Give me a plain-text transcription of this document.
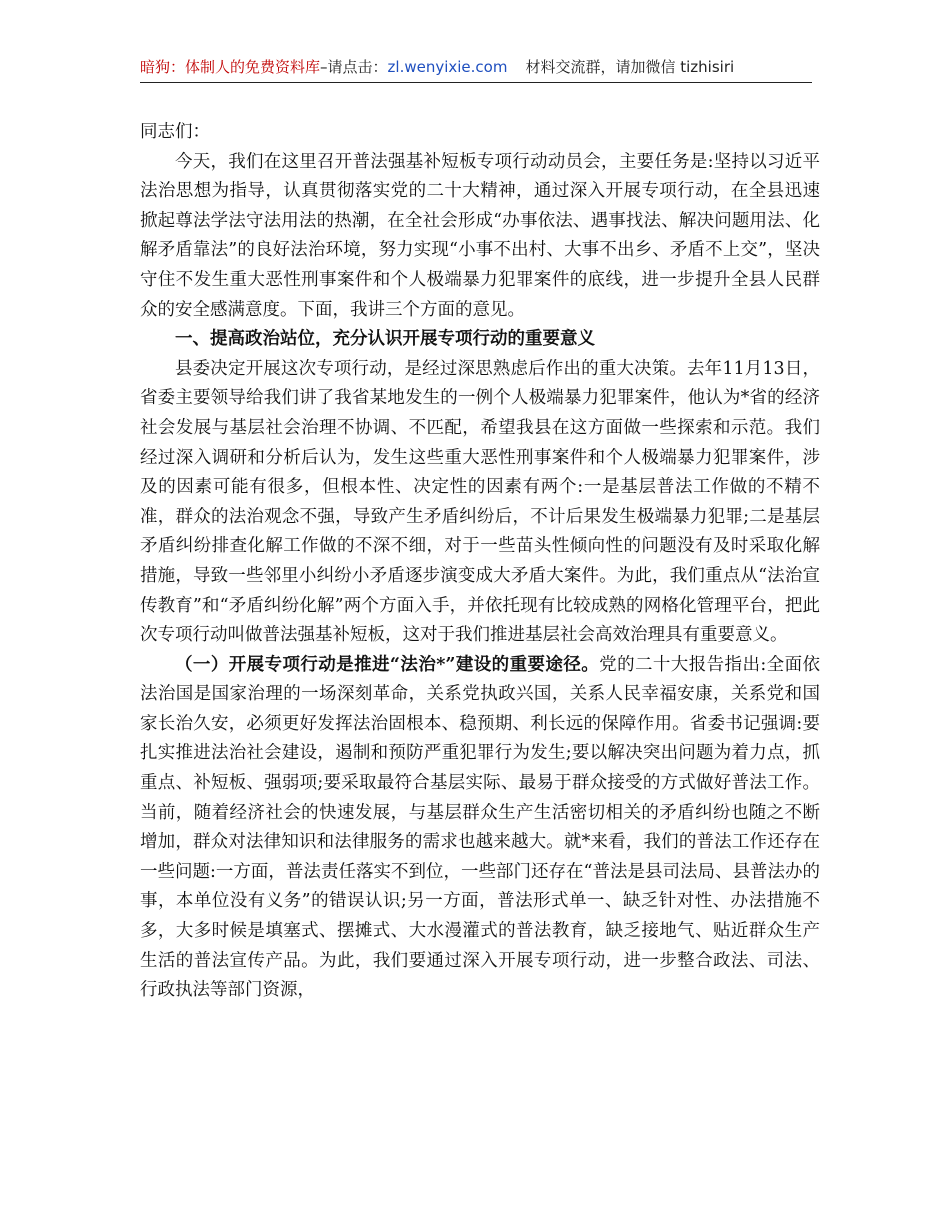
暗狗：体制人的免费资料库–请点击：zl.wenyixie.com 材料交流群，请加微信 tizhisiri

同志们：

今天，我们在这里召开普法强基补短板专项行动动员会，主要任务是:坚持以习近平法治思想为指导，认真贯彻落实党的二十大精神，通过深入开展专项行动，在全县迅速掀起尊法学法守法用法的热潮，在全社会形成“办事依法、遇事找法、解决问题用法、化解矛盾靠法”的良好法治环境，努力实现“小事不出村、大事不出乡、矛盾不上交”，坚决守住不发生重大恶性刑事案件和个人极端暴力犯罪案件的底线，进一步提升全县人民群众的安全感满意度。下面，我讲三个方面的意见。

一、提高政治站位，充分认识开展专项行动的重要意义

县委决定开展这次专项行动，是经过深思熟虑后作出的重大决策。去年11月13日，省委主要领导给我们讲了我省某地发生的一例个人极端暴力犯罪案件，他认为*省的经济社会发展与基层社会治理不协调、不匹配，希望我县在这方面做一些探索和示范。我们经过深入调研和分析后认为，发生这些重大恶性刑事案件和个人极端暴力犯罪案件，涉及的因素可能有很多，但根本性、决定性的因素有两个:一是基层普法工作做的不精不准，群众的法治观念不强，导致产生矛盾纠纷后，不计后果发生极端暴力犯罪;二是基层矛盾纠纷排查化解工作做的不深不细，对于一些苗头性倾向性的问题没有及时采取化解措施，导致一些邻里小纠纷小矛盾逐步演变成大矛盾大案件。为此，我们重点从“法治宣传教育”和“矛盾纠纷化解”两个方面入手，并依托现有比较成熟的网格化管理平台，把此次专项行动叫做普法强基补短板，这对于我们推进基层社会高效治理具有重要意义。

（一）开展专项行动是推进“法治*”建设的重要途径。党的二十大报告指出:全面依法治国是国家治理的一场深刻革命，关系党执政兴国，关系人民幸福安康，关系党和国家长治久安，必须更好发挥法治固根本、稳预期、利长远的保障作用。省委书记强调:要扎实推进法治社会建设，遏制和预防严重犯罪行为发生;要以解决突出问题为着力点，抓重点、补短板、强弱项;要采取最符合基层实际、最易于群众接受的方式做好普法工作。当前，随着经济社会的快速发展，与基层群众生产生活密切相关的矛盾纠纷也随之不断增加，群众对法律知识和法律服务的需求也越来越大。就*来看，我们的普法工作还存在一些问题:一方面，普法责任落实不到位，一些部门还存在“普法是县司法局、县普法办的事，本单位没有义务”的错误认识;另一方面，普法形式单一、缺乏针对性、办法措施不多，大多时候是填塞式、摆摊式、大水漫灌式的普法教育，缺乏接地气、贴近群众生产生活的普法宣传产品。为此，我们要通过深入开展专项行动，进一步整合政法、司法、行政执法等部门资源，
